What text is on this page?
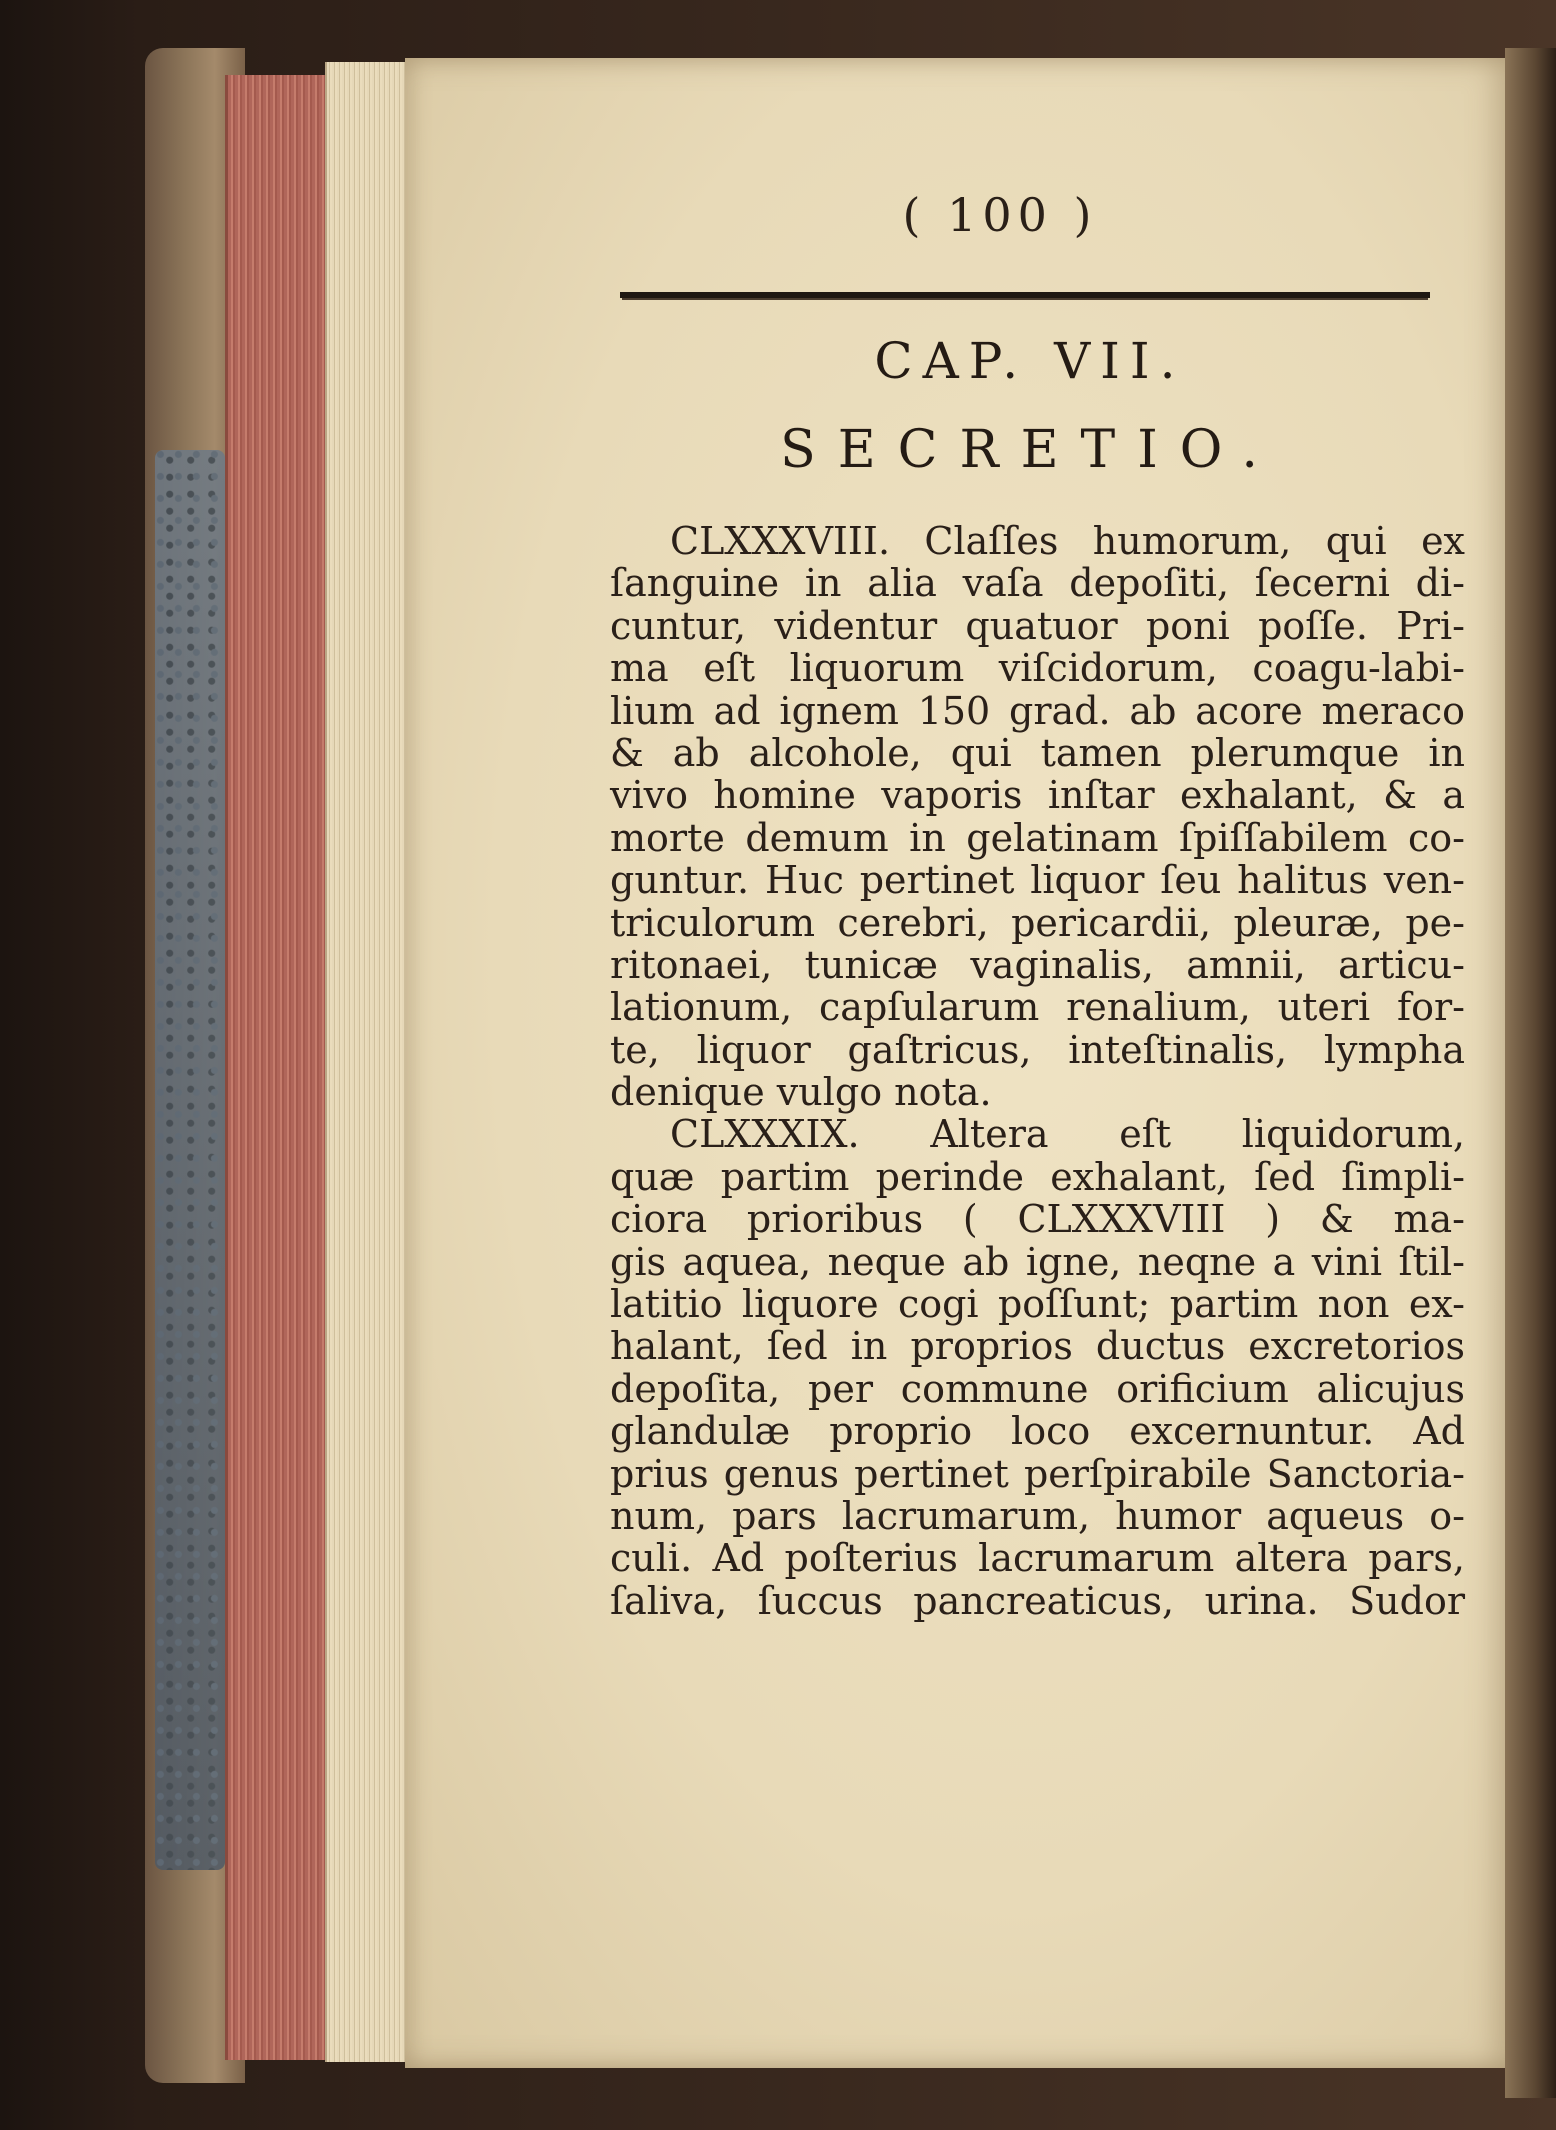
( 100 )
CAP. VII.
SECRETIO.
CLXXXVIII. Claſſes humorum, qui ex
ſanguine in alia vaſa depoſiti, ſecerni di-
cuntur, videntur quatuor poni poſſe. Pri-
ma eſt liquorum viſcidorum, coagu-labi-
lium ad ignem 150 grad. ab acore meraco
& ab alcohole, qui tamen plerumque in
vivo homine vaporis inſtar exhalant, & a
morte demum in gelatinam ſpiſſabilem co-
guntur. Huc pertinet liquor ſeu halitus ven-
triculorum cerebri, pericardii, pleuræ, pe-
ritonaei, tunicæ vaginalis, amnii, articu-
lationum, capſularum renalium, uteri for-
te, liquor gaſtricus, inteſtinalis, lympha
denique vulgo nota.
CLXXXIX. Altera eſt liquidorum,
quæ partim perinde exhalant, ſed ſimpli-
ciora prioribus ( CLXXXVIII ) & ma-
gis aquea, neque ab igne, neqne a vini ſtil-
latitio liquore cogi poſſunt; partim non ex-
halant, ſed in proprios ductus excretorios
depoſita, per commune orificium alicujus
glandulæ proprio loco excernuntur. Ad
prius genus pertinet perſpirabile Sanctoria-
num, pars lacrumarum, humor aqueus o-
culi. Ad poſterius lacrumarum altera pars,
ſaliva, ſuccus pancreaticus, urina. Sudor
